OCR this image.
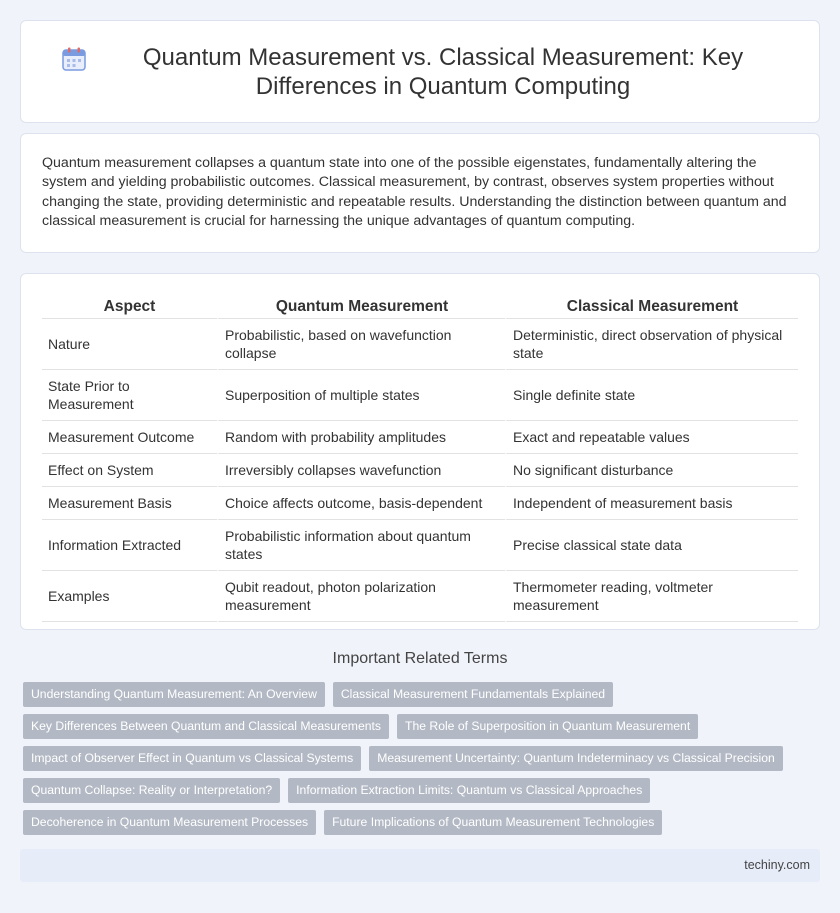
Quantum Measurement vs. Classical Measurement: Key Differences in Quantum Computing

Quantum measurement collapses a quantum state into one of the possible eigenstates, fundamentally altering the system and yielding probabilistic outcomes. Classical measurement, by contrast, observes system properties without changing the state, providing deterministic and repeatable results. Understanding the distinction between quantum and classical measurement is crucial for harnessing the unique advantages of quantum computing.

Aspect	Quantum Measurement	Classical Measurement
Nature	Probabilistic, based on wavefunction collapse	Deterministic, direct observation of physical state
State Prior to Measurement	Superposition of multiple states	Single definite state
Measurement Outcome	Random with probability amplitudes	Exact and repeatable values
Effect on System	Irreversibly collapses wavefunction	No significant disturbance
Measurement Basis	Choice affects outcome, basis-dependent	Independent of measurement basis
Information Extracted	Probabilistic information about quantum states	Precise classical state data
Examples	Qubit readout, photon polarization measurement	Thermometer reading, voltmeter measurement
Important Related Terms
Understanding Quantum Measurement: An Overview	Classical Measurement Fundamentals Explained
Key Differences Between Quantum and Classical Measurements	The Role of Superposition in Quantum Measurement
Impact of Observer Effect in Quantum vs Classical Systems	Measurement Uncertainty: Quantum Indeterminacy vs Classical Precision
Quantum Collapse: Reality or Interpretation?	Information Extraction Limits: Quantum vs Classical Approaches
Decoherence in Quantum Measurement Processes	Future Implications of Quantum Measurement Technologies
techiny.com
